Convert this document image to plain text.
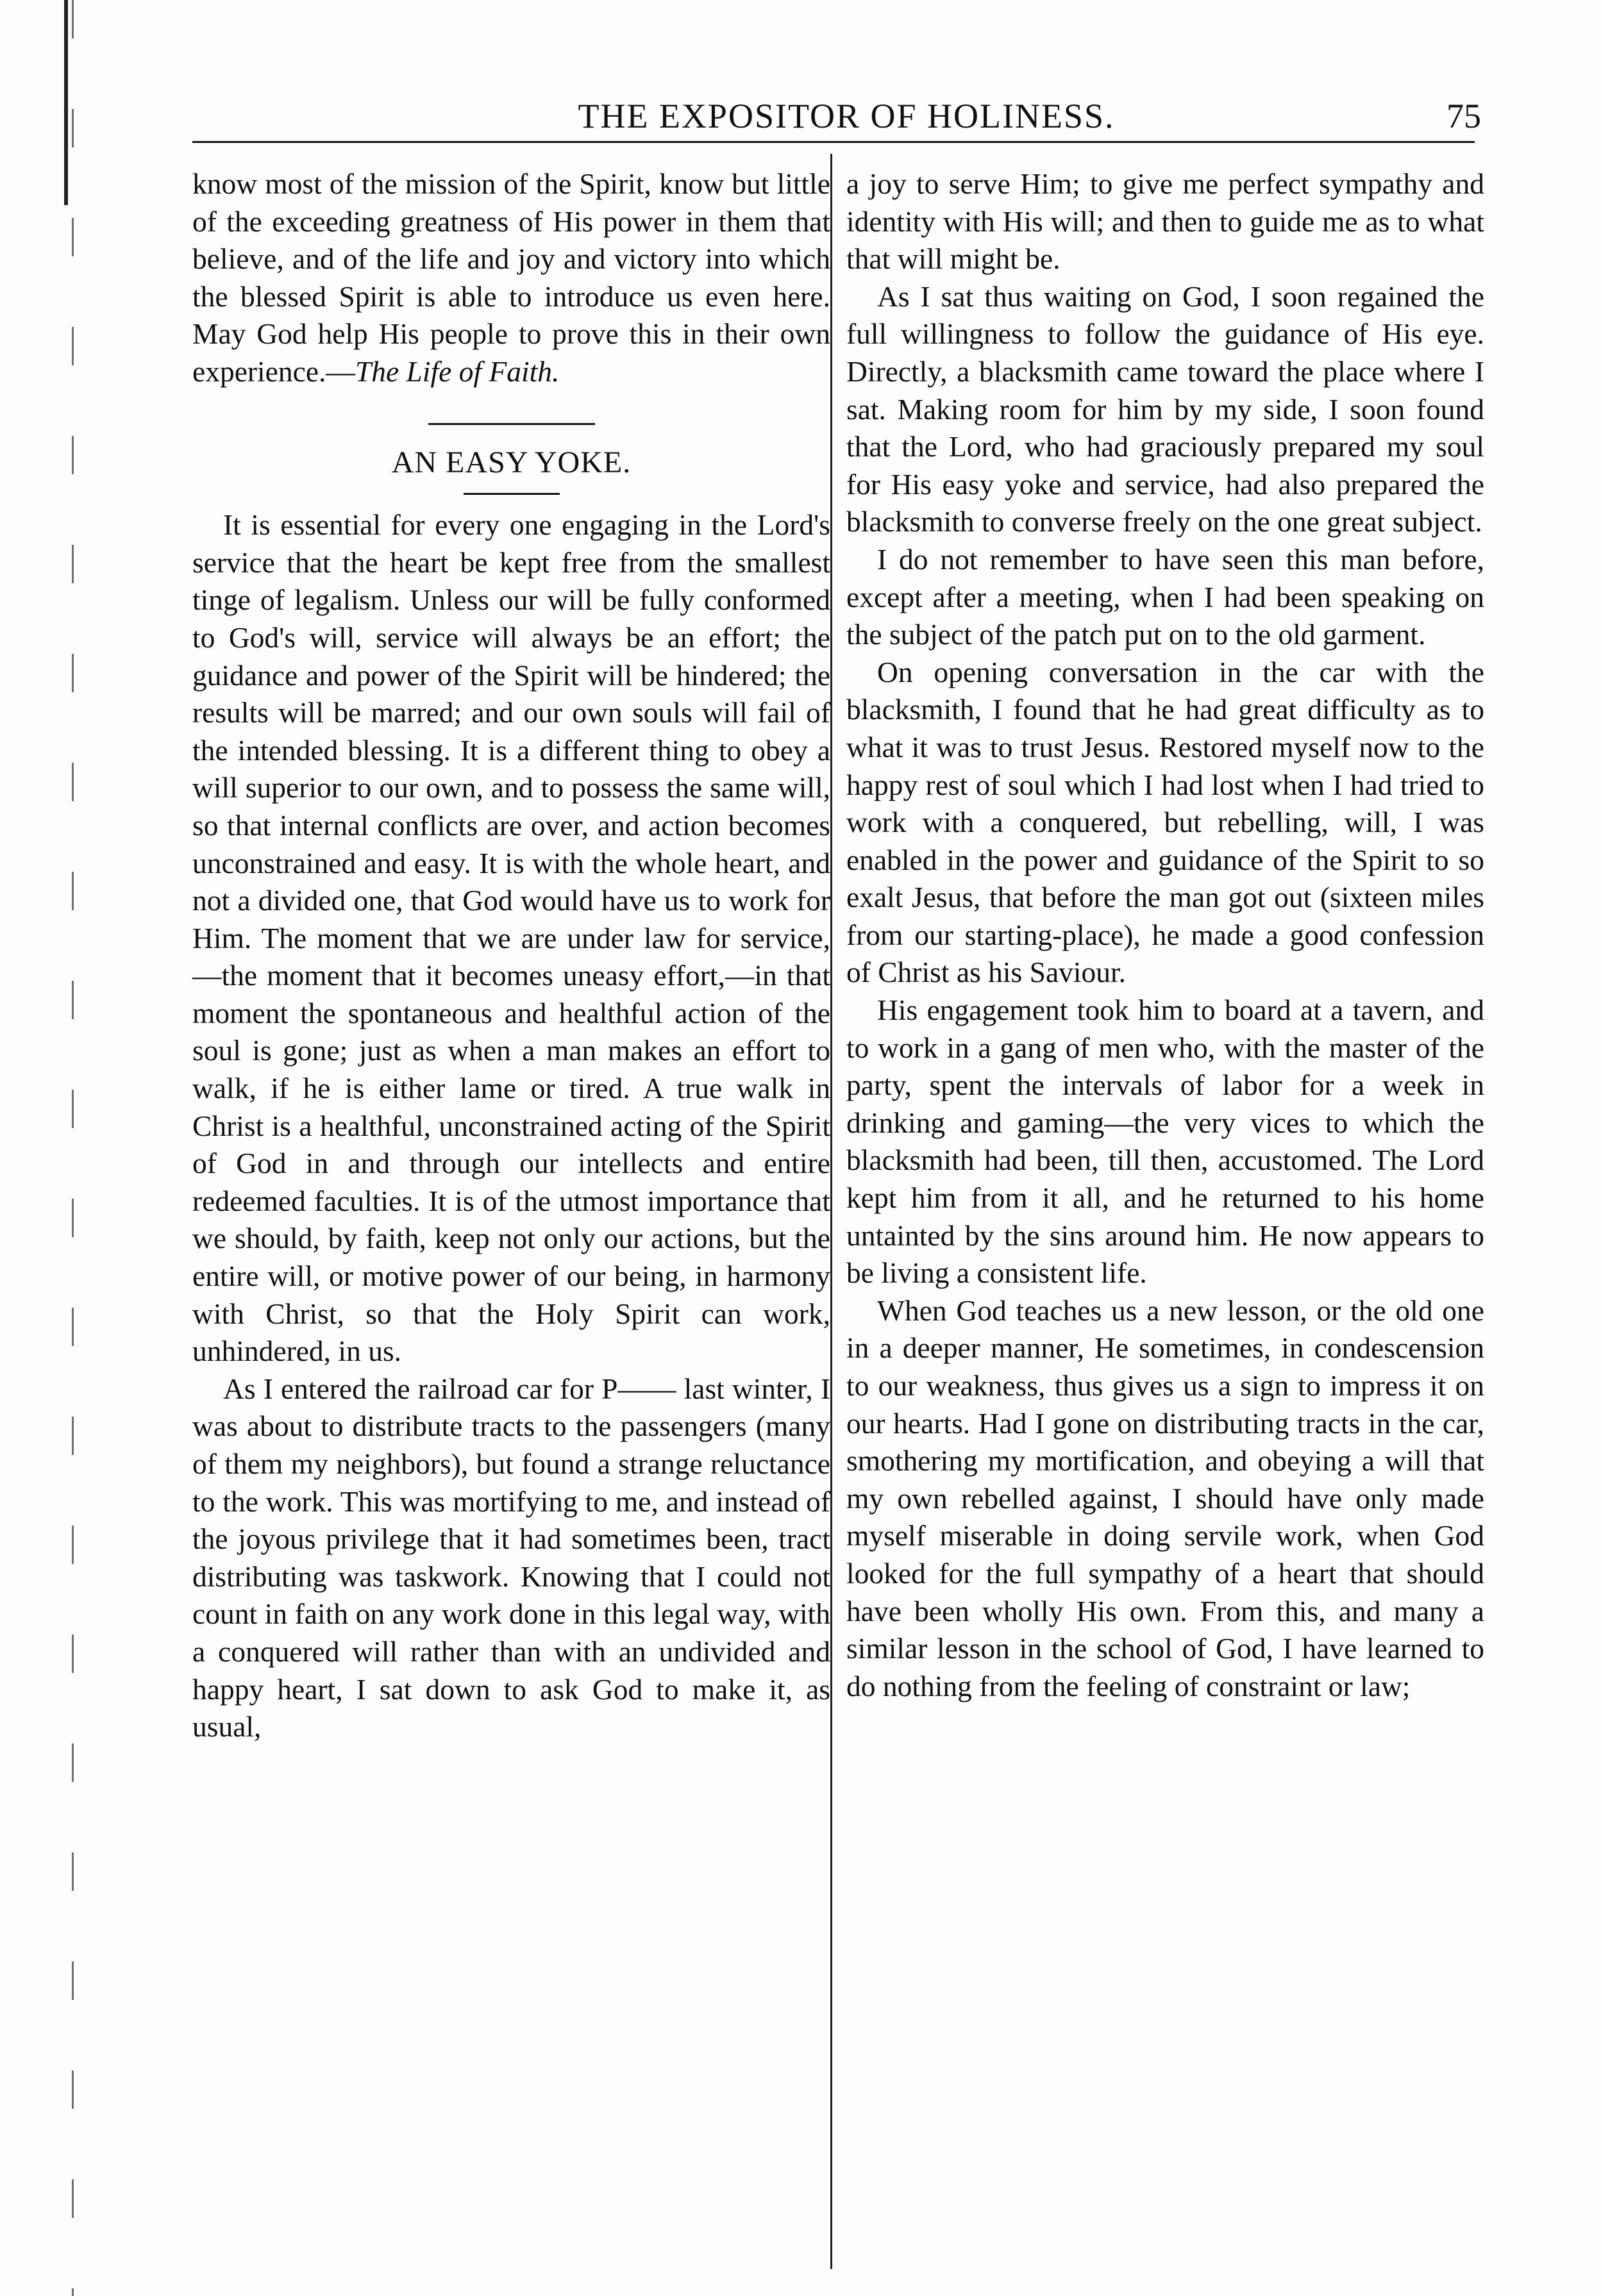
THE EXPOSITOR OF HOLINESS.	75

know most of the mission of the Spirit, know but little of the exceeding greatness of His power in them that believe, and of the life and joy and victory into which the blessed Spirit is able to introduce us even here. May God help His people to prove this in their own experience.—The Life of Faith.

AN EASY YOKE.

It is essential for every one engaging in the Lord's service that the heart be kept free from the smallest tinge of legalism. Unless our will be fully conformed to God's will, service will always be an effort; the guidance and power of the Spirit will be hindered; the results will be marred; and our own souls will fail of the intended blessing. It is a different thing to obey a will superior to our own, and to possess the same will, so that internal conflicts are over, and action becomes unconstrained and easy. It is with the whole heart, and not a divided one, that God would have us to work for Him. The moment that we are under law for service,—the moment that it becomes uneasy effort,—in that moment the spontaneous and healthful action of the soul is gone; just as when a man makes an effort to walk, if he is either lame or tired. A true walk in Christ is a healthful, unconstrained acting of the Spirit of God in and through our intellects and entire redeemed faculties. It is of the utmost importance that we should, by faith, keep not only our actions, but the entire will, or motive power of our being, in harmony with Christ, so that the Holy Spirit can work, unhindered, in us.

As I entered the railroad car for P—— last winter, I was about to distribute tracts to the passengers (many of them my neighbors), but found a strange reluctance to the work. This was mortifying to me, and instead of the joyous privilege that it had sometimes been, tract distributing was taskwork. Knowing that I could not count in faith on any work done in this legal way, with a conquered will rather than with an undivided and happy heart, I sat down to ask God to make it, as usual,

a joy to serve Him; to give me perfect sympathy and identity with His will; and then to guide me as to what that will might be.

As I sat thus waiting on God, I soon regained the full willingness to follow the guidance of His eye. Directly, a blacksmith came toward the place where I sat. Making room for him by my side, I soon found that the Lord, who had graciously prepared my soul for His easy yoke and service, had also prepared the blacksmith to converse freely on the one great subject.

I do not remember to have seen this man before, except after a meeting, when I had been speaking on the subject of the patch put on to the old garment.

On opening conversation in the car with the blacksmith, I found that he had great difficulty as to what it was to trust Jesus. Restored myself now to the happy rest of soul which I had lost when I had tried to work with a conquered, but rebelling, will, I was enabled in the power and guidance of the Spirit to so exalt Jesus, that before the man got out (sixteen miles from our starting-place), he made a good confession of Christ as his Saviour.

His engagement took him to board at a tavern, and to work in a gang of men who, with the master of the party, spent the intervals of labor for a week in drinking and gaming—the very vices to which the blacksmith had been, till then, accustomed. The Lord kept him from it all, and he returned to his home untainted by the sins around him. He now appears to be living a consistent life.

When God teaches us a new lesson, or the old one in a deeper manner, He sometimes, in condescension to our weakness, thus gives us a sign to impress it on our hearts. Had I gone on distributing tracts in the car, smothering my mortification, and obeying a will that my own rebelled against, I should have only made myself miserable in doing servile work, when God looked for the full sympathy of a heart that should have been wholly His own. From this, and many a similar lesson in the school of God, I have learned to do nothing from the feeling of constraint or law;
